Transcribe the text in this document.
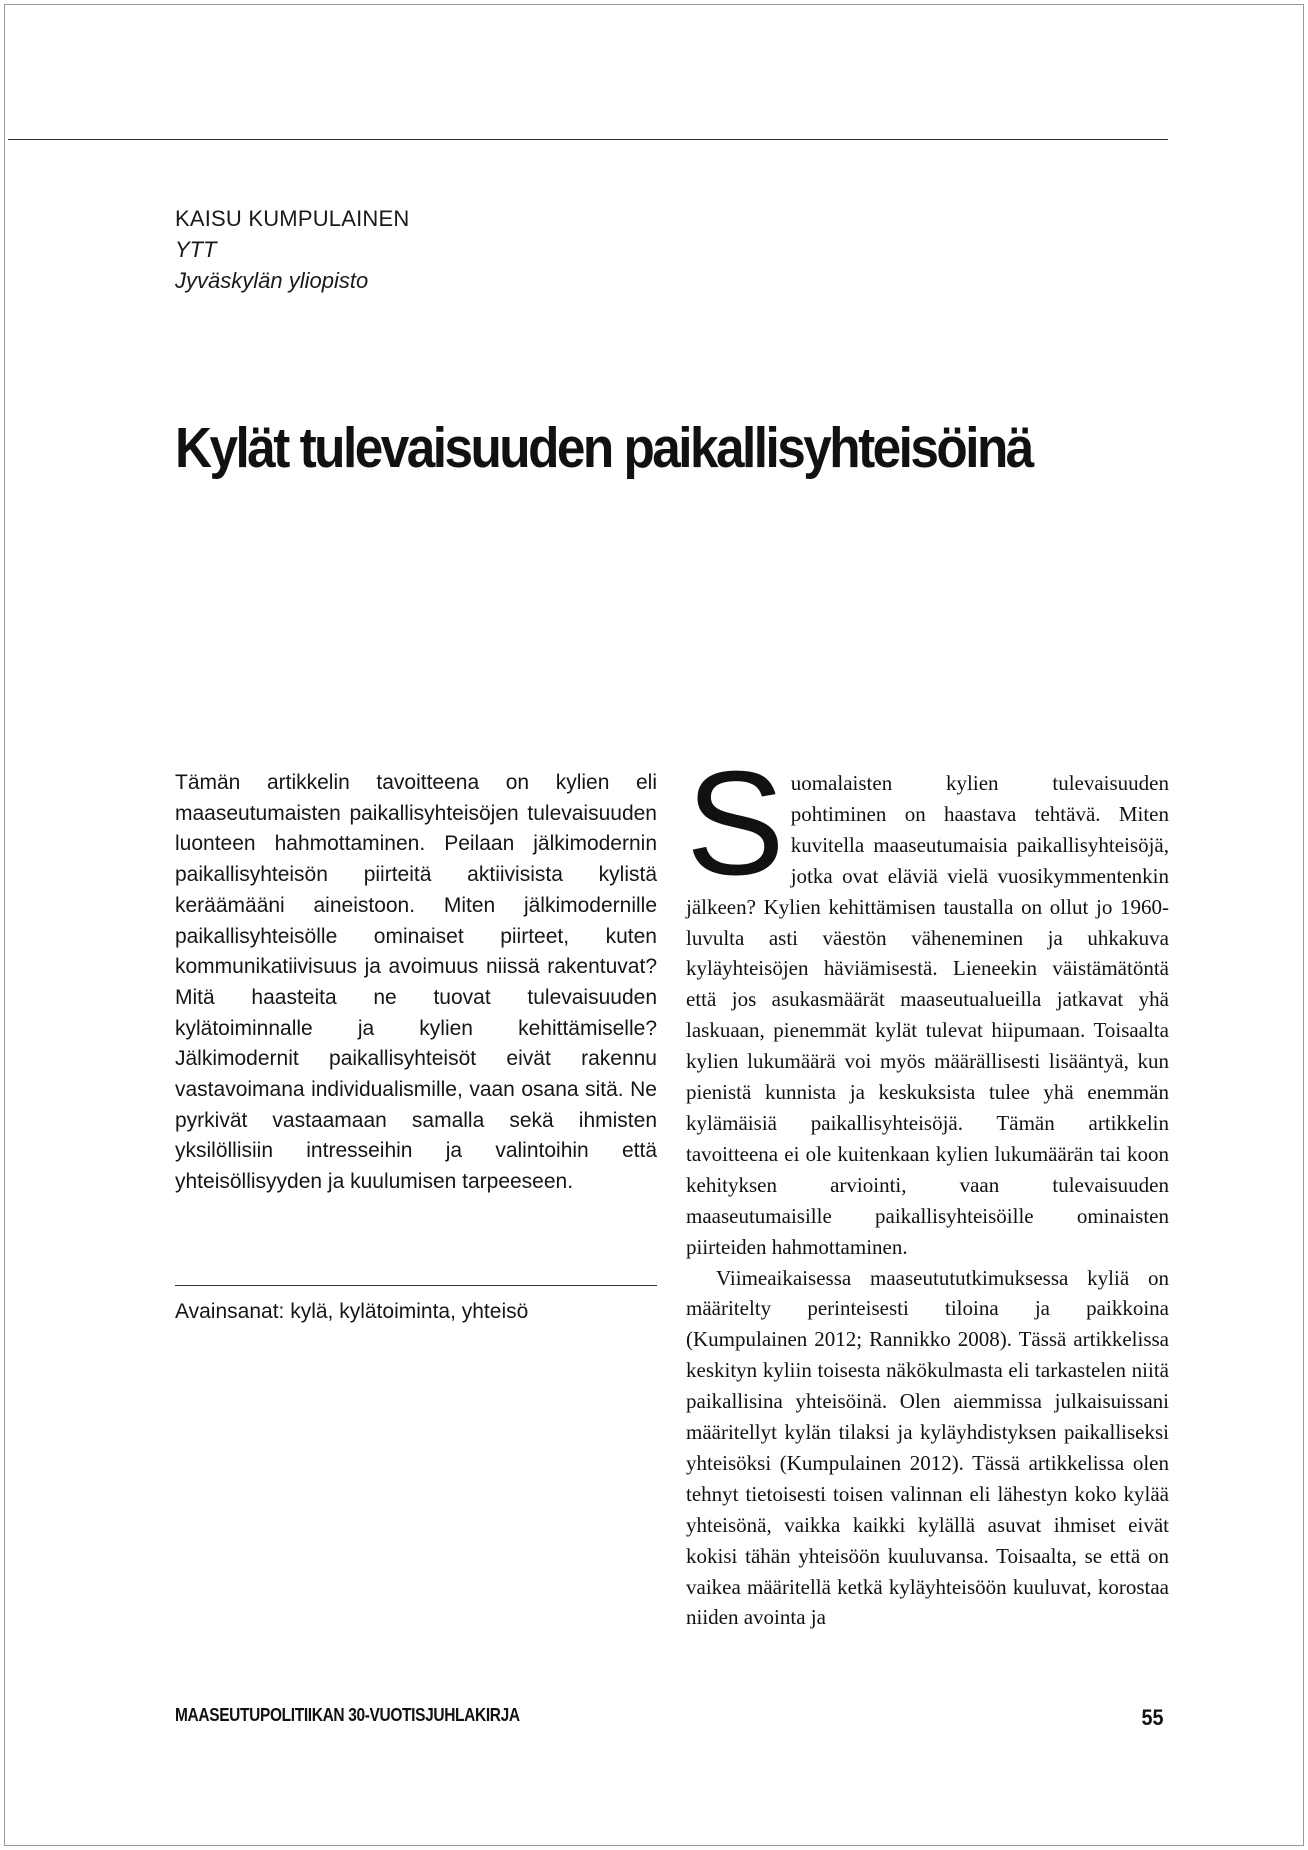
KAISU KUMPULAINEN
YTT
Jyväskylän yliopisto
Kylät tulevaisuuden paikallisyhteisöinä
Tämän artikkelin tavoitteena on kylien eli maaseutumaisten paikallisyhteisöjen tulevaisuuden luonteen hahmottaminen. Peilaan jälkimodernin paikallisyhteisön piirteitä aktiivisista kylistä keräämääni aineistoon. Miten jälkimodernille paikallisyhteisölle ominaiset piirteet, kuten kommunikatiivisuus ja avoimuus niissä rakentuvat? Mitä haasteita ne tuovat tulevaisuuden kylätoiminnalle ja kylien kehittämiselle? Jälkimodernit paikallisyhteisöt eivät rakennu vastavoimana individualismille, vaan osana sitä. Ne pyrkivät vastaamaan samalla sekä ihmisten yksilöllisiin intresseihin ja valintoihin että yhteisöllisyyden ja kuulumisen tarpeeseen.
Avainsanat: kylä, kylätoiminta, yhteisö

Suomalaisten kylien tulevaisuuden pohtiminen on haastava tehtävä. Miten kuvitella maaseutumaisia paikallisyhteisöjä, jotka ovat eläviä vielä vuosikymmentenkin jälkeen? Kylien kehittämisen taustalla on ollut jo 1960-luvulta asti väestön väheneminen ja uhkakuva kyläyhteisöjen häviämisestä. Lieneekin väistämätöntä että jos asukasmäärät maaseutualueilla jatkavat yhä laskuaan, pienemmät kylät tulevat hiipumaan. Toisaalta kylien lukumäärä voi myös määrällisesti lisääntyä, kun pienistä kunnista ja keskuksista tulee yhä enemmän kylämäisiä paikallisyhteisöjä. Tämän artikkelin tavoitteena ei ole kuitenkaan kylien lukumäärän tai koon kehityksen arviointi, vaan tulevaisuuden maaseutumaisille paikallisyhteisöille ominaisten piirteiden hahmottaminen.

Viimeaikaisessa maaseutututkimuksessa kyliä on määritelty perinteisesti tiloina ja paikkoina (Kumpulainen 2012; Rannikko 2008). Tässä artikkelissa keskityn kyliin toisesta näkökulmasta eli tarkastelen niitä paikallisina yhteisöinä. Olen aiemmissa julkaisuissani määritellyt kylän tilaksi ja kyläyhdistyksen paikalliseksi yhteisöksi (Kumpulainen 2012). Tässä artikkelissa olen tehnyt tietoisesti toisen valinnan eli lähestyn koko kylää yhteisönä, vaikka kaikki kylällä asuvat ihmiset eivät kokisi tähän yhteisöön kuuluvansa. Toisaalta, se että on vaikea määritellä ketkä kyläyhteisöön kuuluvat, korostaa niiden avointa ja

MAASEUTUPOLITIIKAN 30-VUOTISJUHLAKIRJA	55
